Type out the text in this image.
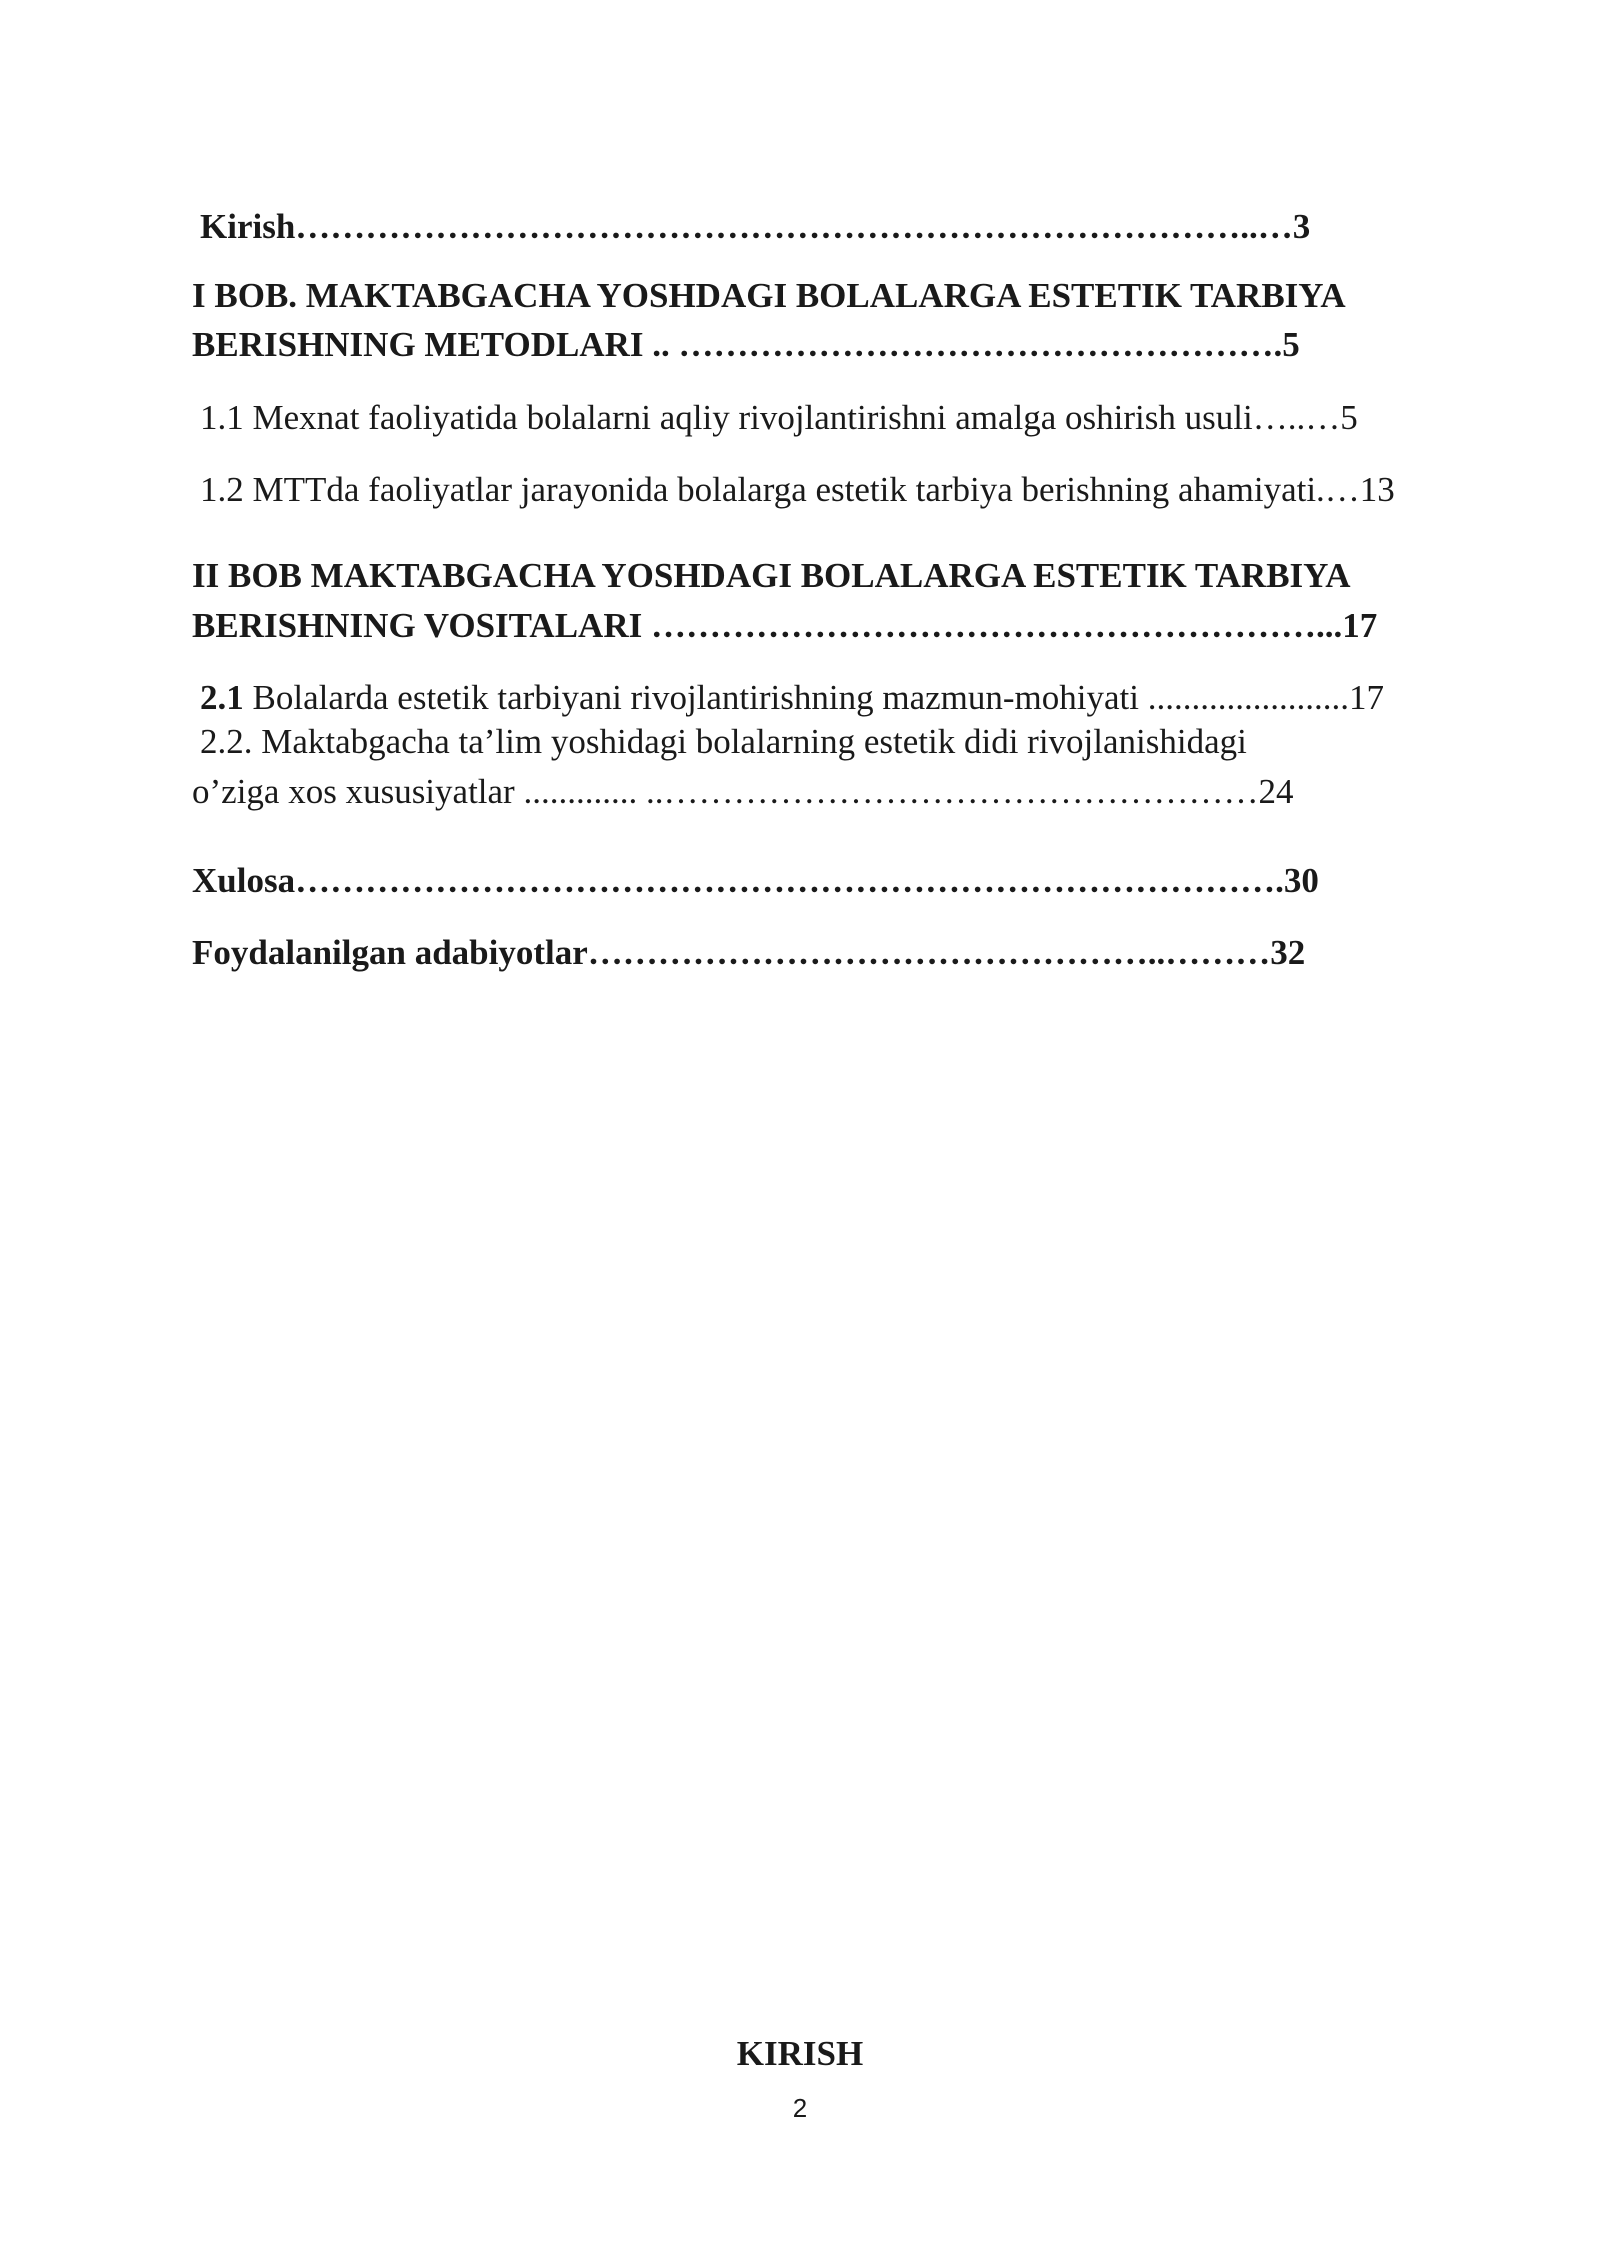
Kirish………………………………………………………………………..…3
I BOB. MAKTABGACHA YOSHDAGI BOLALARGA ESTETIK TARBIYA
BERISHNING METODLARI .. …………………………………………….5
1.1 Mexnat faoliyatida bolalarni aqliy rivojlantirishni amalga oshirish usuli…..…5
1.2 MTTda faoliyatlar jarayonida bolalarga estetik tarbiya berishning ahamiyati.…13
II BOB MAKTABGACHA YOSHDAGI BOLALARGA ESTETIK TARBIYA
BERISHNING VOSITALARI …………………………………………………...17
2.1 Bolalarda estetik tarbiyani rivojlantirishning mazmun-mohiyati .......................17
2.2. Maktabgacha ta’lim yoshidagi bolalarning estetik didi rivojlanishidagi
o’ziga xos xususiyatlar ............. ..……………………………………………24
Xulosa………………………………………………………………………….30
Foydalanilgan adabiyotlar…………………………………………..………32
KIRISH
2
